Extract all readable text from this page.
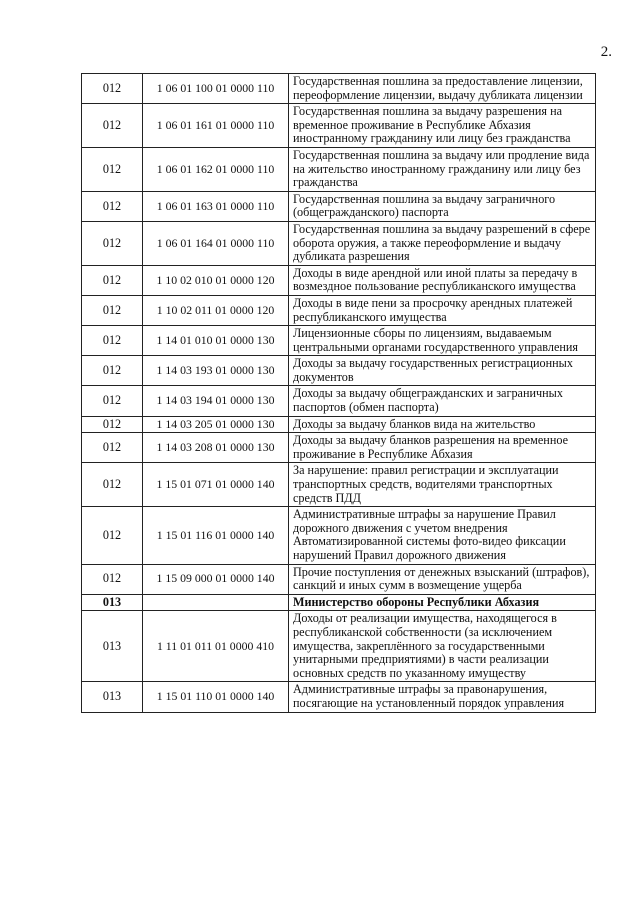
2.
012	1 06 01 100 01 0000 110	Государственная пошлина за предоставление лицензии, переоформление лицензии, выдачу дубликата лицензии
012	1 06 01 161 01 0000 110	Государственная пошлина за выдачу разрешения на временное проживание в Республике Абхазия иностранному гражданину или лицу без гражданства
012	1 06 01 162 01 0000 110	Государственная пошлина за выдачу или продление вида на жительство иностранному гражданину или лицу без гражданства
012	1 06 01 163 01 0000 110	Государственная пошлина за выдачу заграничного (общегражданского) паспорта
012	1 06 01 164 01 0000 110	Государственная пошлина за выдачу разрешений в сфере оборота оружия, а также переоформление и выдачу дубликата разрешения
012	1 10 02 010 01 0000 120	Доходы в виде арендной или иной платы за передачу в возмездное пользование республиканского имущества
012	1 10 02 011 01 0000 120	Доходы в виде пени за просрочку арендных платежей республиканского имущества
012	1 14 01 010 01 0000 130	Лицензионные сборы по лицензиям, выдаваемым центральными органами государственного управления
012	1 14 03 193 01 0000 130	Доходы за выдачу государственных регистрационных документов
012	1 14 03 194 01 0000 130	Доходы за выдачу общегражданских и заграничных паспортов (обмен паспорта)
012	1 14 03 205 01 0000 130	Доходы за выдачу бланков вида на жительство
012	1 14 03 208 01 0000 130	Доходы за выдачу бланков разрешения на временное проживание в Республике Абхазия
012	1 15 01 071 01 0000 140	За нарушение: правил регистрации и эксплуатации транспортных средств, водителями транспортных средств ПДД
012	1 15 01 116 01 0000 140	Административные штрафы за нарушение Правил дорожного движения с учетом внедрения Автоматизированной системы фото-видео фиксации нарушений Правил дорожного движения
012	1 15 09 000 01 0000 140	Прочие поступления от денежных взысканий (штрафов), санкций и иных сумм в возмещение ущерба
013		Министерство обороны Республики Абхазия
013	1 11 01 011 01 0000 410	Доходы от реализации имущества, находящегося в республиканской собственности (за исключением имущества, закреплённого за государственными унитарными предприятиями) в части реализации основных средств по указанному имуществу
013	1 15 01 110 01 0000 140	Административные штрафы за правонарушения, посягающие на установленный порядок управления
